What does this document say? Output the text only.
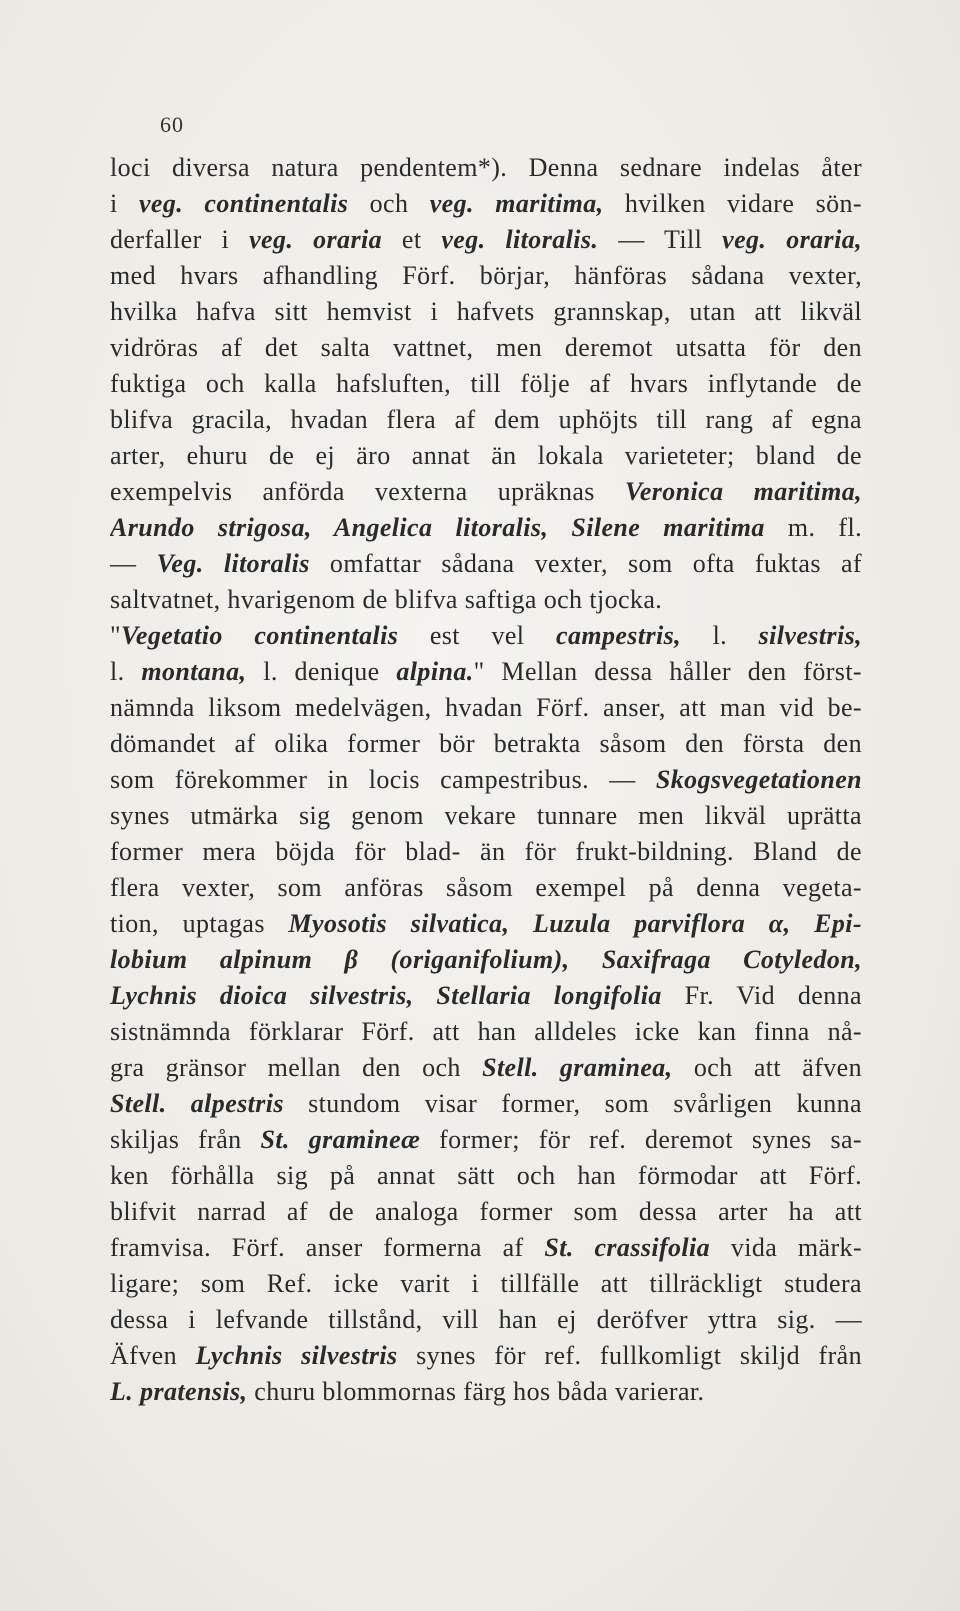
60
loci diversa natura pendentem*). Denna sednare indelas åter
i veg. continentalis och veg. maritima, hvilken vidare sön-
derfaller i veg. oraria et veg. litoralis. — Till veg. oraria,
med hvars afhandling Förf. börjar, hänföras sådana vexter,
hvilka hafva sitt hemvist i hafvets grannskap, utan att likväl
vidröras af det salta vattnet, men deremot utsatta för den
fuktiga och kalla hafsluften, till följe af hvars inflytande de
blifva gracila, hvadan flera af dem uphöjts till rang af egna
arter, ehuru de ej äro annat än lokala varieteter; bland de
exempelvis anförda vexterna upräknas Veronica maritima,
Arundo strigosa, Angelica litoralis, Silene maritima m. fl.
— Veg. litoralis omfattar sådana vexter, som ofta fuktas af
saltvatnet, hvarigenom de blifva saftiga och tjocka.
"Vegetatio continentalis est vel campestris, l. silvestris,
l. montana, l. denique alpina." Mellan dessa håller den först-
nämnda liksom medelvägen, hvadan Förf. anser, att man vid be-
dömandet af olika former bör betrakta såsom den första den
som förekommer in locis campestribus. — Skogsvegetationen
synes utmärka sig genom vekare tunnare men likväl uprätta
former mera böjda för blad- än för frukt-bildning. Bland de
flera vexter, som anföras såsom exempel på denna vegeta-
tion, uptagas Myosotis silvatica, Luzula parviflora α, Epi-
lobium alpinum β (origanifolium), Saxifraga Cotyledon,
Lychnis dioica silvestris, Stellaria longifolia Fr. Vid denna
sistnämnda förklarar Förf. att han alldeles icke kan finna nå-
gra gränsor mellan den och Stell. graminea, och att äfven
Stell. alpestris stundom visar former, som svårligen kunna
skiljas från St. gramineæ former; för ref. deremot synes sa-
ken förhålla sig på annat sätt och han förmodar att Förf.
blifvit narrad af de analoga former som dessa arter ha att
framvisa. Förf. anser formerna af St. crassifolia vida märk-
ligare; som Ref. icke varit i tillfälle att tillräckligt studera
dessa i lefvande tillstånd, vill han ej deröfver yttra sig. —
Äfven Lychnis silvestris synes för ref. fullkomligt skiljd från
L. pratensis, churu blommornas färg hos båda varierar.
